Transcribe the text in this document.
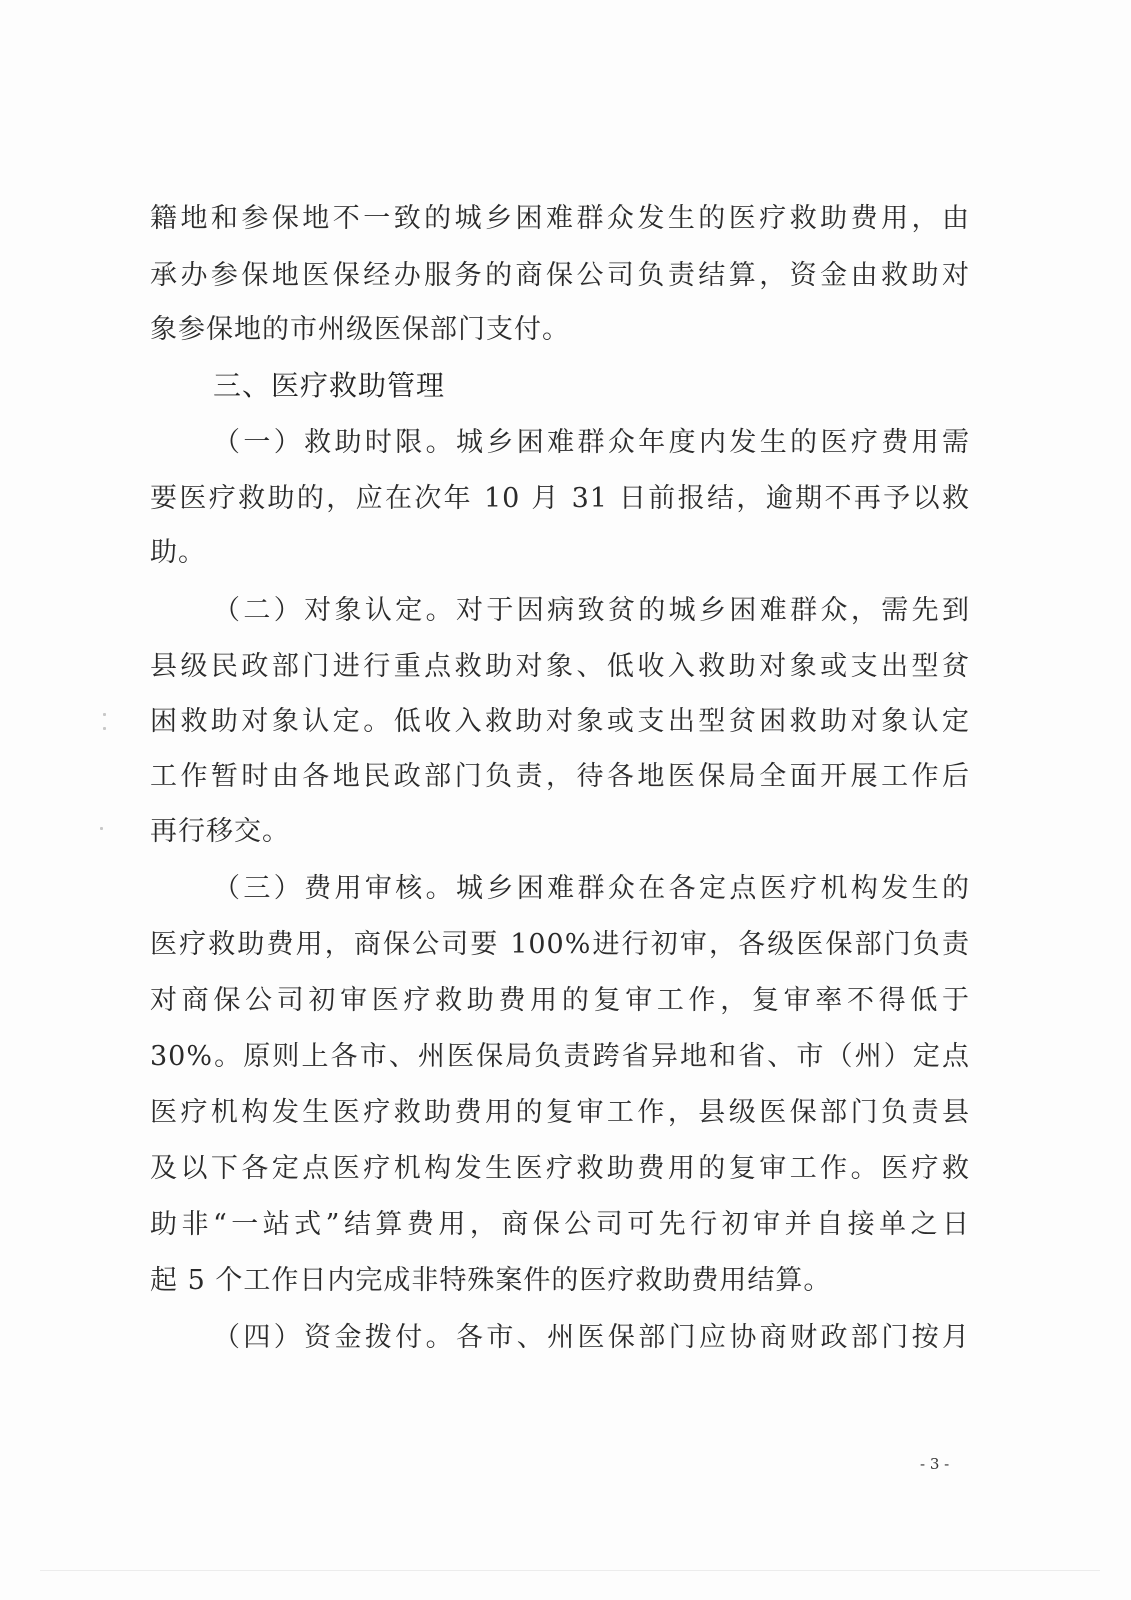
籍地和参保地不一致的城乡困难群众发生的医疗救助费用，由
承办参保地医保经办服务的商保公司负责结算，资金由救助对
象参保地的市州级医保部门支付。
三、医疗救助管理
（一）救助时限。城乡困难群众年度内发生的医疗费用需
要医疗救助的，应在次年 10 月 31 日前报结，逾期不再予以救
助。
（二）对象认定。对于因病致贫的城乡困难群众，需先到
县级民政部门进行重点救助对象、低收入救助对象或支出型贫
困救助对象认定。低收入救助对象或支出型贫困救助对象认定
工作暂时由各地民政部门负责，待各地医保局全面开展工作后
再行移交。
（三）费用审核。城乡困难群众在各定点医疗机构发生的
医疗救助费用，商保公司要 100%进行初审，各级医保部门负责
对商保公司初审医疗救助费用的复审工作，复审率不得低于
30%。原则上各市、州医保局负责跨省异地和省、市（州）定点
医疗机构发生医疗救助费用的复审工作，县级医保部门负责县
及以下各定点医疗机构发生医疗救助费用的复审工作。医疗救
助非“一站式”结算费用，商保公司可先行初审并自接单之日
起 5 个工作日内完成非特殊案件的医疗救助费用结算。
（四）资金拨付。各市、州医保部门应协商财政部门按月
- 3 -
